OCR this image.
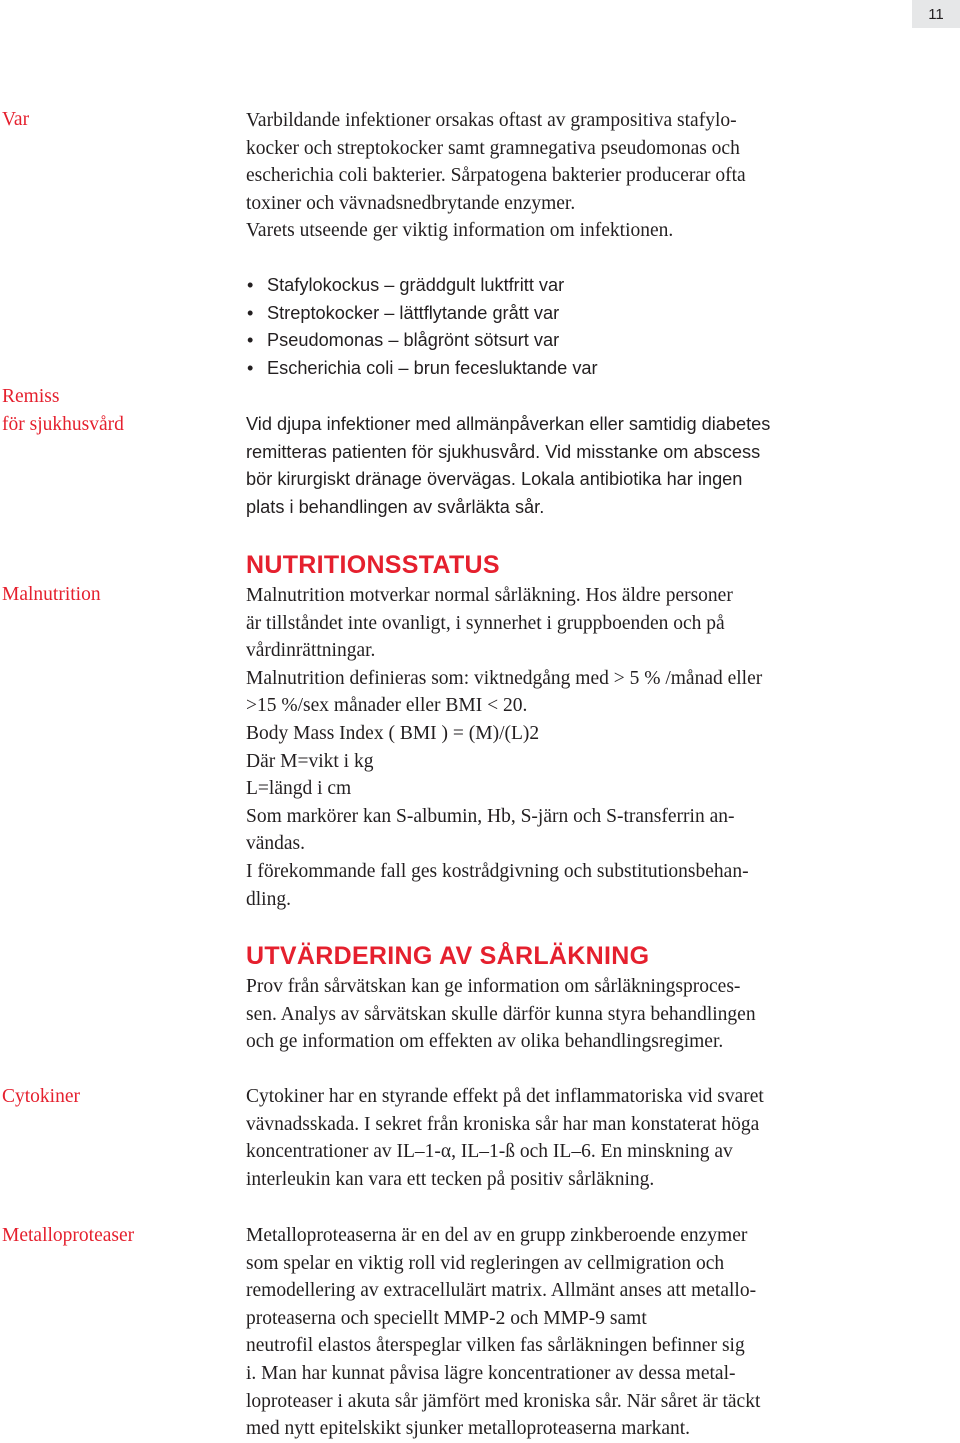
11
Var	Varbildande infektioner orsakas oftast av grampositiva stafylo-

kocker och streptokocker samt gramnegativa pseudomonas och

escherichia coli bakterier. Sårpatogena bakterier producerar ofta

toxiner och vävnadsnedbrytande enzymer.

Varets utseende ger viktig information om infektionen.

• Stafylokockus – gräddgult luktfritt var
• Streptokocker – lättflytande grått var
• Pseudomonas – blågrönt sötsurt var
• Escherichia coli – brun fecesluktande var
Remiss
för sjukhusvård	Vid djupa infektioner med allmänpåverkan eller samtidig diabetes

remitteras patienten för sjukhusvård. Vid misstanke om abscess

bör kirurgiskt dränage övervägas. Lokala antibiotika har ingen

plats i behandlingen av svårläkta sår.

NUTRITIONSSTATUS
Malnutrition	Malnutrition motverkar normal sårläkning. Hos äldre personer

är tillståndet inte ovanligt, i synnerhet i gruppboenden och på

vårdinrättningar.

Malnutrition definieras som: viktnedgång med > 5 % /månad eller

>15 %/sex månader eller BMI < 20.

Body Mass Index ( BMI ) = (M)/(L)2

Där M=vikt i kg

L=längd i cm

Som markörer kan S-albumin, Hb, S-järn och S-transferrin an-

vändas.

I förekommande fall ges kostrådgivning och substitutionsbehan-

dling.

UTVÄRDERING AV SÅRLÄKNING

Prov från sårvätskan kan ge information om sårläkningsproces-

sen. Analys av sårvätskan skulle därför kunna styra behandlingen

och ge information om effekten av olika behandlingsregimer.

Cytokiner	Cytokiner har en styrande effekt på det inflammatoriska vid svaret

vävnadsskada. I sekret från kroniska sår har man konstaterat höga

koncentrationer av IL–1-α, IL–1-ß och IL–6. En minskning av

interleukin kan vara ett tecken på positiv sårläkning.

Metalloproteaser	Metalloproteaserna är en del av en grupp zinkberoende enzymer

som spelar en viktig roll vid regleringen av cellmigration och

remodellering av extracellulärt matrix. Allmänt anses att metallo-

proteaserna och speciellt MMP-2 och MMP-9 samt

neutrofil elastos återspeglar vilken fas sårläkningen befinner sig

i. Man har kunnat påvisa lägre koncentrationer av dessa metal-

loproteaser i akuta sår jämfört med kroniska sår. När såret är täckt

med nytt epitelskikt sjunker metalloproteaserna markant.
